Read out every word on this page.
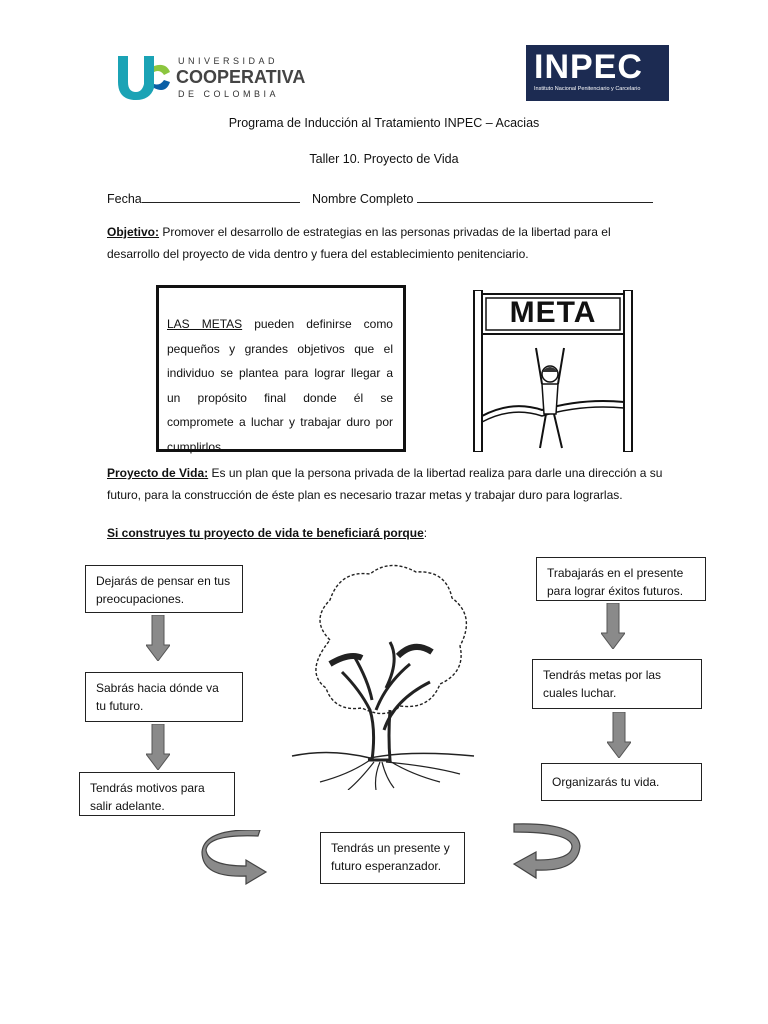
UNIVERSIDAD
COOPERATIVA
DE COLOMBIA
INPEC
Instituto Nacional Penitenciario y Carcelario
Programa de Inducción al Tratamiento INPEC – Acacias
Taller 10. Proyecto de Vida
Fecha	Nombre Completo
Objetivo: Promover el desarrollo de estrategias en las personas privadas de la libertad para el desarrollo del proyecto de vida dentro y fuera del establecimiento penitenciario.
LAS METAS pueden definirse como pequeños y grandes objetivos que el individuo se plantea para lograr llegar a un propósito final donde él se compromete a luchar y trabajar duro por cumplirlos.
META
Proyecto de Vida: Es un plan que la persona privada de la libertad realiza para darle una dirección a su futuro, para la construcción de éste plan es necesario trazar metas y trabajar duro para lograrlas.
Si construyes tu proyecto de vida te beneficiará porque:
Dejarás de pensar en tus preocupaciones.
Sabrás hacia dónde va tu futuro.
Tendrás motivos para salir adelante.
Trabajarás en el presente para lograr éxitos futuros.
Tendrás metas por las cuales luchar.
Organizarás tu vida.
Tendrás un presente y futuro esperanzador.
